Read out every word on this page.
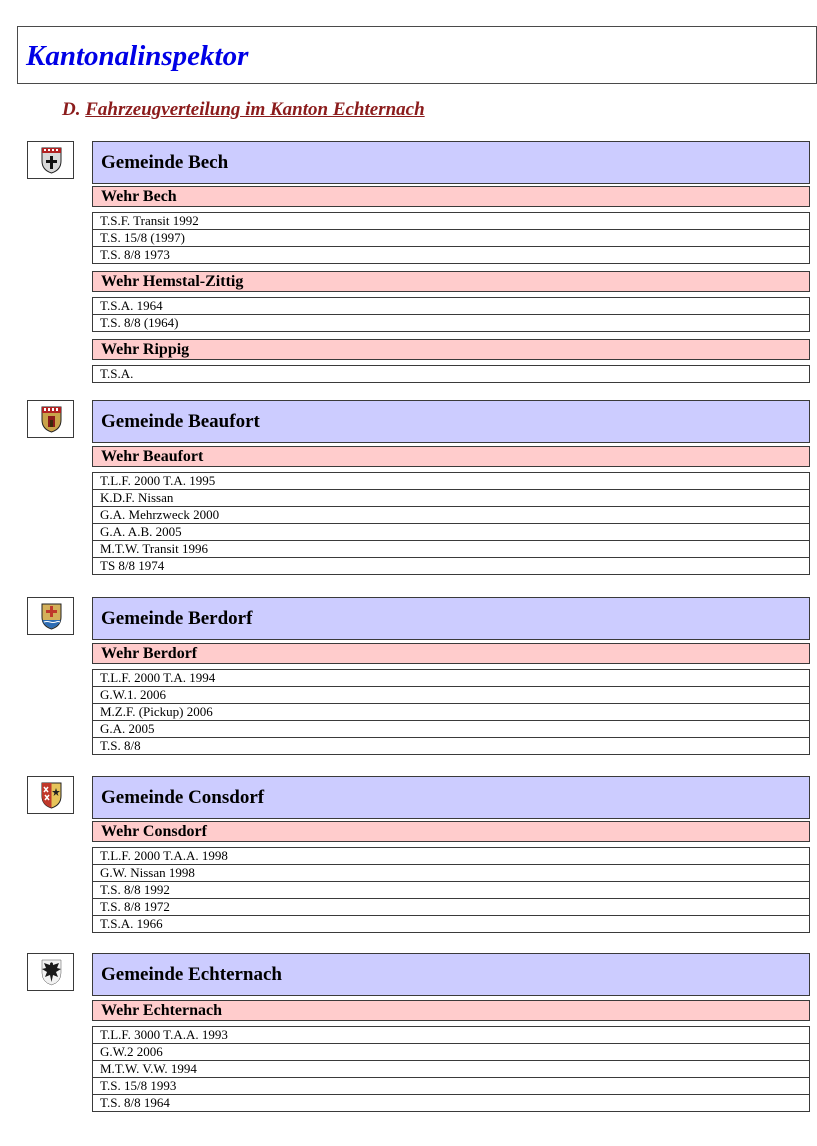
Kantonalinspektor
D. Fahrzeugverteilung im Kanton Echternach
Gemeinde Bech
Wehr Bech
T.S.F. Transit 1992
T.S. 15/8 (1997)
T.S. 8/8 1973
Wehr Hemstal-Zittig
T.S.A. 1964
T.S. 8/8 (1964)
Wehr Rippig
T.S.A.
Gemeinde Beaufort
Wehr Beaufort
T.L.F. 2000 T.A. 1995
K.D.F. Nissan
G.A. Mehrzweck 2000
G.A. A.B. 2005
M.T.W. Transit 1996
TS 8/8 1974
Gemeinde Berdorf
Wehr Berdorf
T.L.F. 2000 T.A. 1994
G.W.1. 2006
M.Z.F. (Pickup) 2006
G.A. 2005
T.S. 8/8
Gemeinde Consdorf
Wehr Consdorf
T.L.F. 2000 T.A.A. 1998
G.W. Nissan 1998
T.S. 8/8 1992
T.S. 8/8 1972
T.S.A. 1966
Gemeinde Echternach
Wehr Echternach
T.L.F. 3000 T.A.A. 1993
G.W.2 2006
M.T.W. V.W. 1994
T.S. 15/8 1993
T.S. 8/8 1964
